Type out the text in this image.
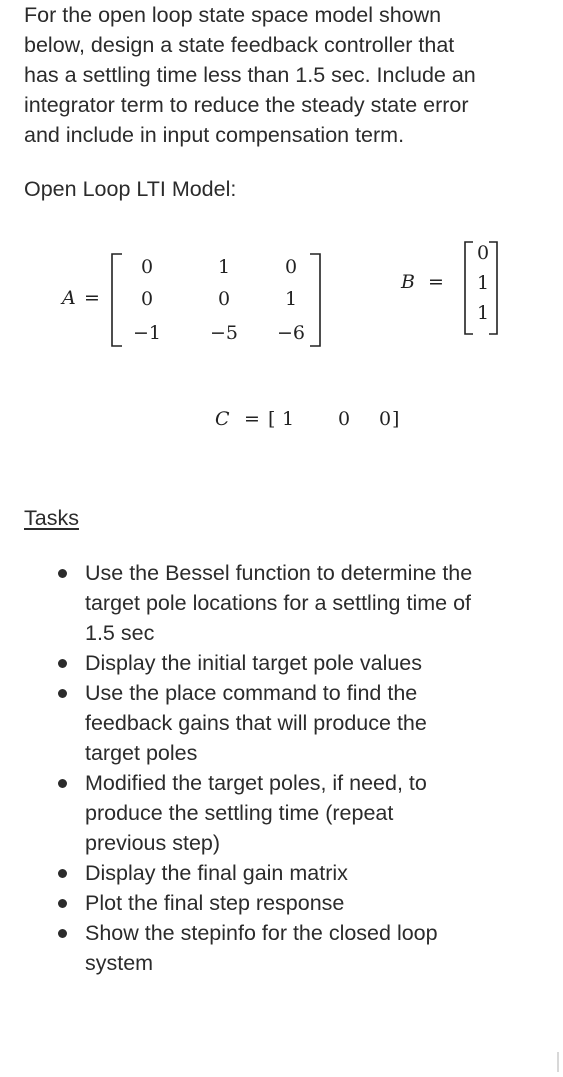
For the open loop state space model shown
below, design a state feedback controller that
has a settling time less than 1.5 sec. Include an
integrator term to reduce the steady state error
and include in input compensation term.
Open Loop LTI Model:
A =
0	1	0
0	0	1
−1	−5	−6
B =
0
1
1
C = [ 1 0 0 ]
Tasks
Use the Bessel function to determine the
target pole locations for a settling time of
1.5 sec
Display the initial target pole values
Use the place command to find the
feedback gains that will produce the
target poles
Modified the target poles, if need, to
produce the settling time (repeat
previous step)
Display the final gain matrix
Plot the final step response
Show the stepinfo for the closed loop
system
